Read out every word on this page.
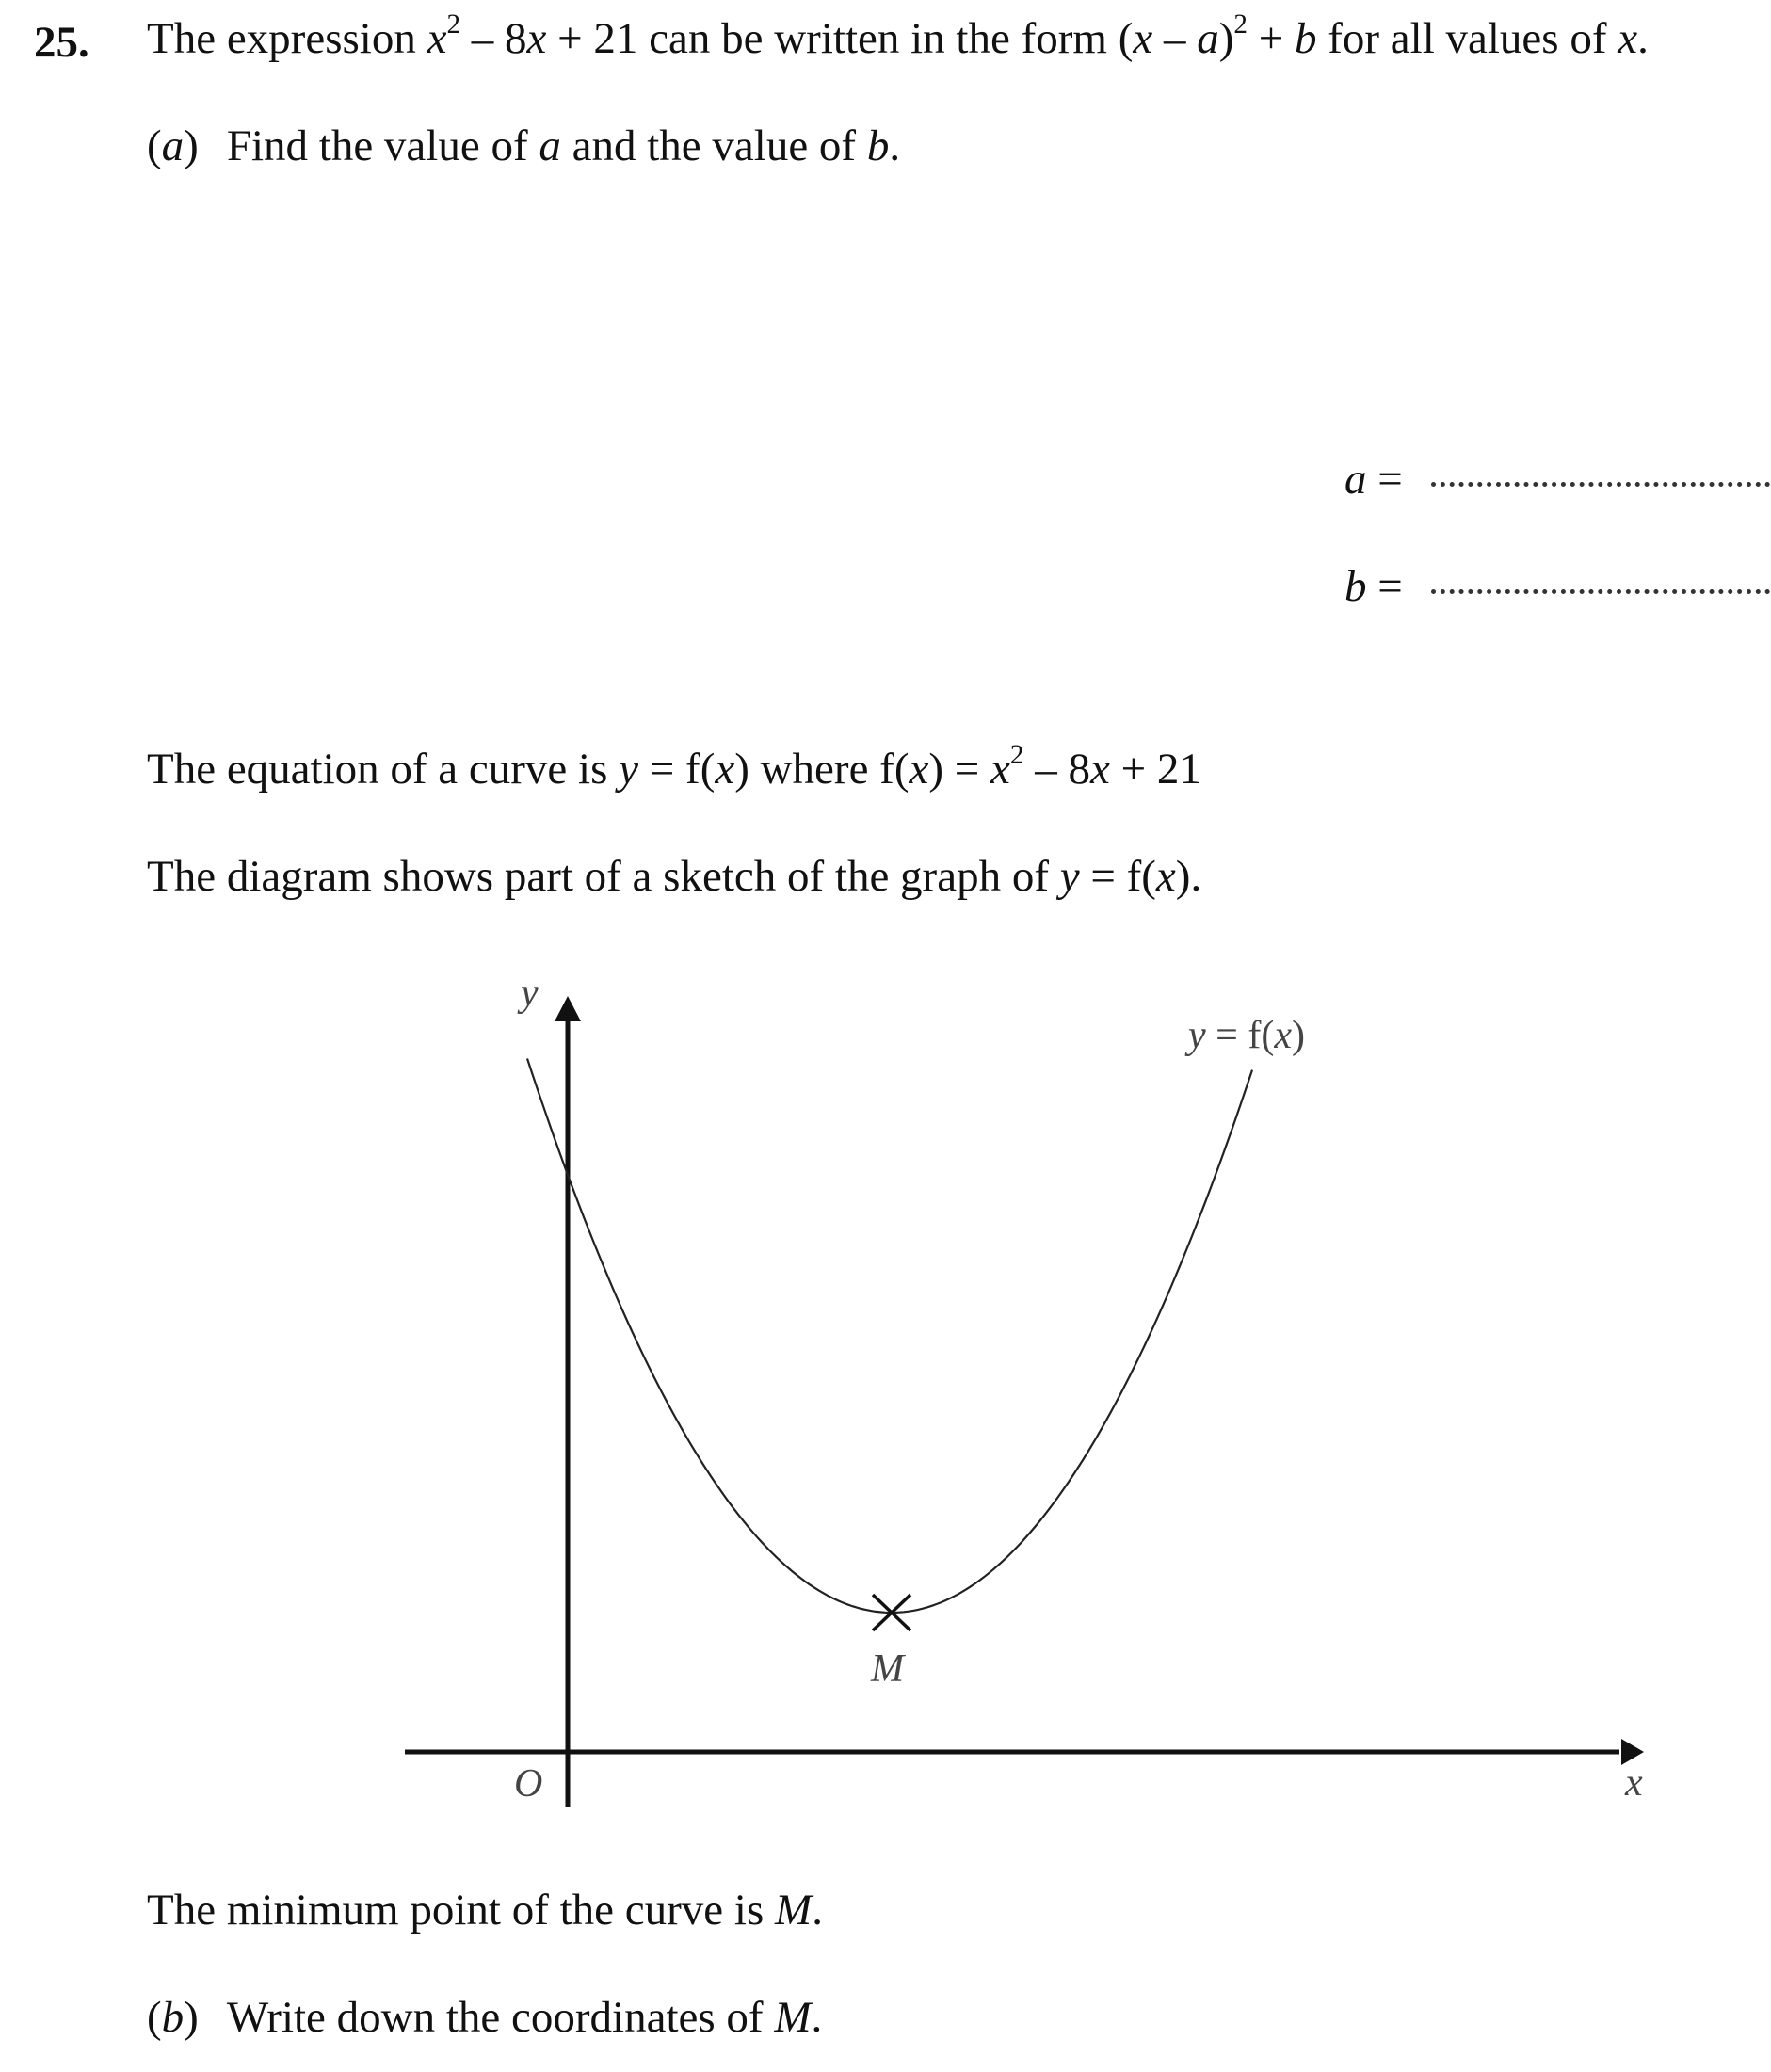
25. The expression $x^2 - 8x + 21$ can be written in the form (x – a)$^2$ + b for all values of x.
(a) Find the value of a and the value of b.
a =
b =
The equation of a curve is y = f(x) where $f(x) = x^2 - 8x + 21$
The diagram shows part of a sketch of the graph of y = f(x).
y
x
O
M
y = f(x)
The minimum point of the curve is M.
(b) Write down the coordinates of M.
